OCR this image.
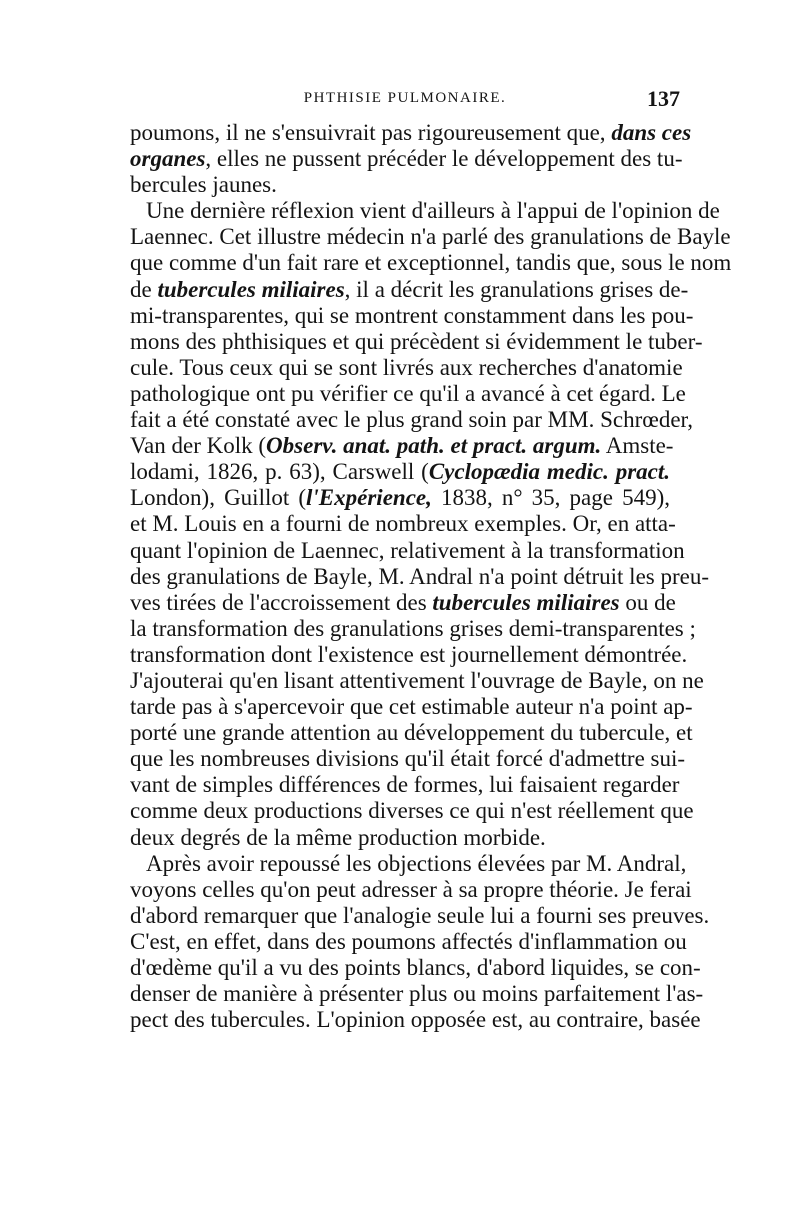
PHTHISIE PULMONAIRE.	137
poumons, il ne s'ensuivrait pas rigoureusement que, dans ces
organes, elles ne pussent précéder le développement des tu-
bercules jaunes.
Une dernière réflexion vient d'ailleurs à l'appui de l'opinion de
Laennec. Cet illustre médecin n'a parlé des granulations de Bayle
que comme d'un fait rare et exceptionnel, tandis que, sous le nom
de tubercules miliaires, il a décrit les granulations grises de-
mi-transparentes, qui se montrent constamment dans les pou-
mons des phthisiques et qui précèdent si évidemment le tuber-
cule. Tous ceux qui se sont livrés aux recherches d'anatomie
pathologique ont pu vérifier ce qu'il a avancé à cet égard. Le
fait a été constaté avec le plus grand soin par MM. Schrœder,
Van der Kolk (Observ. anat. path. et pract. argum. Amste-
lodami, 1826, p. 63), Carswell (Cyclopædia medic. pract.
London), Guillot (l'Expérience, 1838, n° 35, page 549),
et M. Louis en a fourni de nombreux exemples. Or, en atta-
quant l'opinion de Laennec, relativement à la transformation
des granulations de Bayle, M. Andral n'a point détruit les preu-
ves tirées de l'accroissement des tubercules miliaires ou de
la transformation des granulations grises demi-transparentes ;
transformation dont l'existence est journellement démontrée.
J'ajouterai qu'en lisant attentivement l'ouvrage de Bayle, on ne
tarde pas à s'apercevoir que cet estimable auteur n'a point ap-
porté une grande attention au développement du tubercule, et
que les nombreuses divisions qu'il était forcé d'admettre sui-
vant de simples différences de formes, lui faisaient regarder
comme deux productions diverses ce qui n'est réellement que
deux degrés de la même production morbide.
Après avoir repoussé les objections élevées par M. Andral,
voyons celles qu'on peut adresser à sa propre théorie. Je ferai
d'abord remarquer que l'analogie seule lui a fourni ses preuves.
C'est, en effet, dans des poumons affectés d'inflammation ou
d'œdème qu'il a vu des points blancs, d'abord liquides, se con-
denser de manière à présenter plus ou moins parfaitement l'as-
pect des tubercules. L'opinion opposée est, au contraire, basée
